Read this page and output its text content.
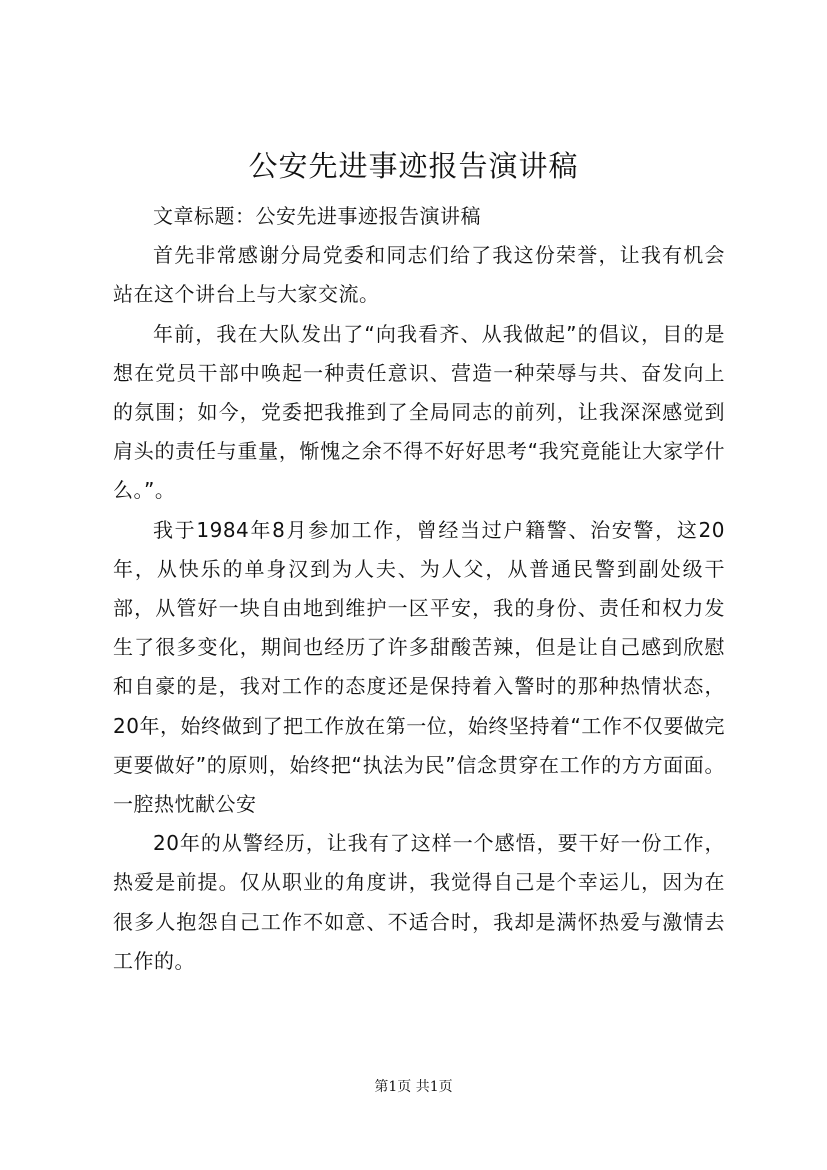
公安先进事迹报告演讲稿

文章标题：公安先进事迹报告演讲稿

首先非常感谢分局党委和同志们给了我这份荣誉，让我有机会站在这个讲台上与大家交流。

年前，我在大队发出了“向我看齐、从我做起”的倡议，目的是想在党员干部中唤起一种责任意识、营造一种荣辱与共、奋发向上的氛围；如今，党委把我推到了全局同志的前列，让我深深感觉到肩头的责任与重量，惭愧之余不得不好好思考“我究竟能让大家学什么。”。

我于1984年8月参加工作，曾经当过户籍警、治安警，这20年，从快乐的单身汉到为人夫、为人父，从普通民警到副处级干部，从管好一块自由地到维护一区平安，我的身份、责任和权力发生了很多变化，期间也经历了许多甜酸苦辣，但是让自己感到欣慰和自豪的是，我对工作的态度还是保持着入警时的那种热情状态，20年，始终做到了把工作放在第一位，始终坚持着“工作不仅要做完更要做好”的原则，始终把“执法为民”信念贯穿在工作的方方面面。一腔热忱献公安

20年的从警经历，让我有了这样一个感悟，要干好一份工作，热爱是前提。仅从职业的角度讲，我觉得自己是个幸运儿，因为在很多人抱怨自己工作不如意、不适合时，我却是满怀热爱与激情去工作的。

第1页 共1页
